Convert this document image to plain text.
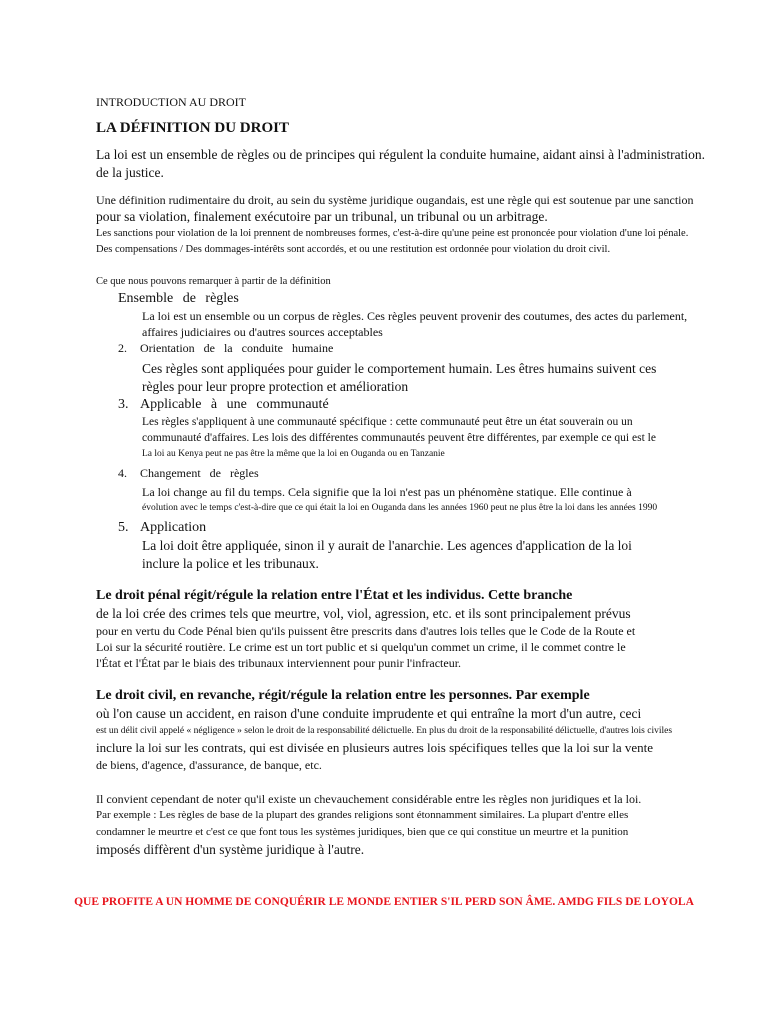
INTRODUCTION AU DROIT

LA DÉFINITION DU DROIT

La loi est un ensemble de règles ou de principes qui régulent la conduite humaine, aidant ainsi à l'administration.

de la justice.

Une définition rudimentaire du droit, au sein du système juridique ougandais, est une règle qui est soutenue par une sanction

pour sa violation, finalement exécutoire par un tribunal, un tribunal ou un arbitrage.

Les sanctions pour violation de la loi prennent de nombreuses formes, c'est-à-dire qu'une peine est prononcée pour violation d'une loi pénale.

Des compensations / Des dommages-intérêts sont accordés, et ou une restitution est ordonnée pour violation du droit civil.

Ce que nous pouvons remarquer à partir de la définition

Ensemble de règles

La loi est un ensemble ou un corpus de règles. Ces règles peuvent provenir des coutumes, des actes du parlement,

affaires judiciaires ou d'autres sources acceptables

2. Orientation de la conduite humaine

Ces règles sont appliquées pour guider le comportement humain. Les êtres humains suivent ces

règles pour leur propre protection et amélioration

3. Applicable à une communauté

Les règles s'appliquent à une communauté spécifique : cette communauté peut être un état souverain ou un

communauté d'affaires. Les lois des différentes communautés peuvent être différentes, par exemple ce qui est le

La loi au Kenya peut ne pas être la même que la loi en Ouganda ou en Tanzanie

4. Changement de règles

La loi change au fil du temps. Cela signifie que la loi n'est pas un phénomène statique. Elle continue à

évolution avec le temps c'est-à-dire que ce qui était la loi en Ouganda dans les années 1960 peut ne plus être la loi dans les années 1990

5. Application

La loi doit être appliquée, sinon il y aurait de l'anarchie. Les agences d'application de la loi

inclure la police et les tribunaux.

Le droit pénal régit/régule la relation entre l'État et les individus. Cette branche

de la loi crée des crimes tels que meurtre, vol, viol, agression, etc. et ils sont principalement prévus

pour en vertu du Code Pénal bien qu'ils puissent être prescrits dans d'autres lois telles que le Code de la Route et

Loi sur la sécurité routière. Le crime est un tort public et si quelqu'un commet un crime, il le commet contre le

l'État et l'État par le biais des tribunaux interviennent pour punir l'infracteur.

Le droit civil, en revanche, régit/régule la relation entre les personnes. Par exemple

où l'on cause un accident, en raison d'une conduite imprudente et qui entraîne la mort d'un autre, ceci

est un délit civil appelé « négligence » selon le droit de la responsabilité délictuelle. En plus du droit de la responsabilité délictuelle, d'autres lois civiles

inclure la loi sur les contrats, qui est divisée en plusieurs autres lois spécifiques telles que la loi sur la vente

de biens, d'agence, d'assurance, de banque, etc.

Il convient cependant de noter qu'il existe un chevauchement considérable entre les règles non juridiques et la loi.

Par exemple : Les règles de base de la plupart des grandes religions sont étonnamment similaires. La plupart d'entre elles

condamner le meurtre et c'est ce que font tous les systèmes juridiques, bien que ce qui constitue un meurtre et la punition

imposés diffèrent d'un système juridique à l'autre.

QUE PROFITE A UN HOMME DE CONQUÉRIR LE MONDE ENTIER S'IL PERD SON ÂME. AMDG FILS DE LOYOLA
